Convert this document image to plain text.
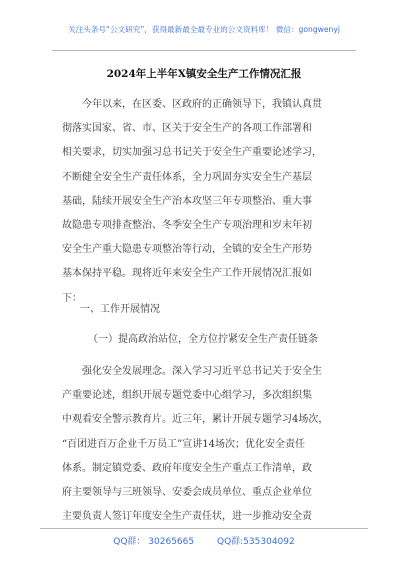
关注头条号“公文研究”，获得最新最全最专业的公文资料库！ 微信：gongwenyj
2024年上半年X镇安全生产工作情况汇报
今年以来，在区委、区政府的正确领导下，我镇认真贯
彻落实国家、省、市、区关于安全生产的各项工作部署和
相关要求，切实加强习总书记关于安全生产重要论述学习，
不断健全安全生产责任体系，全力巩固夯实安全生产基层
基础，陆续开展安全生产治本攻坚三年专项整治、重大事
故隐患专项排查整治、冬季安全生产专项治理和岁末年初
安全生产重大隐患专项整治等行动，全镇的安全生产形势
基本保持平稳。现将近年来安全生产工作开展情况汇报如
下：
一、工作开展情况
（一）提高政治站位，全方位拧紧安全生产责任链条
强化安全发展理念。深入学习习近平总书记关于安全生
产重要论述，组织开展专题党委中心组学习，多次组织集
中观看安全警示教育片。近三年，累计开展专题学习4场次，
“百团进百万企业千万员工”宣讲14场次；优化安全责任
体系。制定镇党委、政府年度安全生产重点工作清单，政
府主要领导与三班领导、安委会成员单位、重点企业单位
主要负责人签订年度安全生产责任状，进一步推动安全责
QQ群： 30265665	QQ群:535304092
